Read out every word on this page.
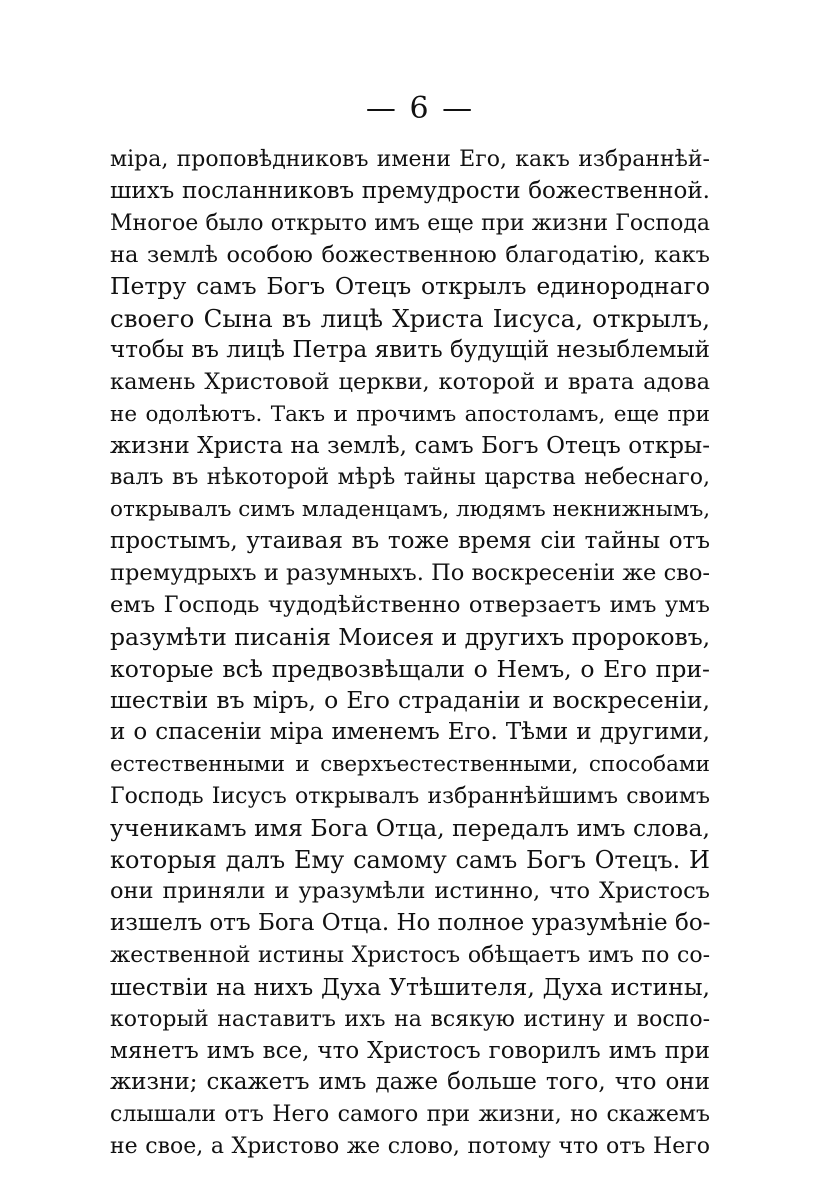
— 6 —
міра, проповѣдниковъ имени Его, какъ избраннѣй-
шихъ посланниковъ премудрости божественной.
Многое было открыто имъ еще при жизни Господа
на землѣ особою божественною благодатію, какъ
Петру самъ Богъ Отецъ открылъ единороднаго
своего Сына въ лицѣ Христа Іисуса, открылъ,
чтобы въ лицѣ Петра явить будущій незыблемый
камень Христовой церкви, которой и врата адова
не одолѣютъ. Такъ и прочимъ апостоламъ, еще при
жизни Христа на землѣ, самъ Богъ Отецъ откры-
валъ въ нѣкоторой мѣрѣ тайны царства небеснаго,
открывалъ симъ младенцамъ, людямъ некнижнымъ,
простымъ, утаивая въ тоже время сіи тайны отъ
премудрыхъ и разумныхъ. По воскресеніи же сво-
емъ Господь чудодѣйственно отверзаетъ имъ умъ
разумѣти писанія Моисея и другихъ пророковъ,
которые всѣ предвозвѣщали о Немъ, о Его при-
шествіи въ міръ, о Его страданіи и воскресеніи,
и о спасеніи міра именемъ Его. Тѣми и другими,
естественными и сверхъестественными, способами
Господь Іисусъ открывалъ избраннѣйшимъ своимъ
ученикамъ имя Бога Отца, передалъ имъ слова,
которыя далъ Ему самому самъ Богъ Отецъ. И
они приняли и уразумѣли истинно, что Христосъ
изшелъ отъ Бога Отца. Но полное уразумѣніе бо-
жественной истины Христосъ обѣщаетъ имъ по со-
шествіи на нихъ Духа Утѣшителя, Духа истины,
который наставитъ ихъ на всякую истину и воспо-
мянетъ имъ все, что Христосъ говорилъ имъ при
жизни; скажетъ имъ даже больше того, что они
слышали отъ Него самого при жизни, но скажемъ
не свое, а Христово же слово, потому что отъ Него
